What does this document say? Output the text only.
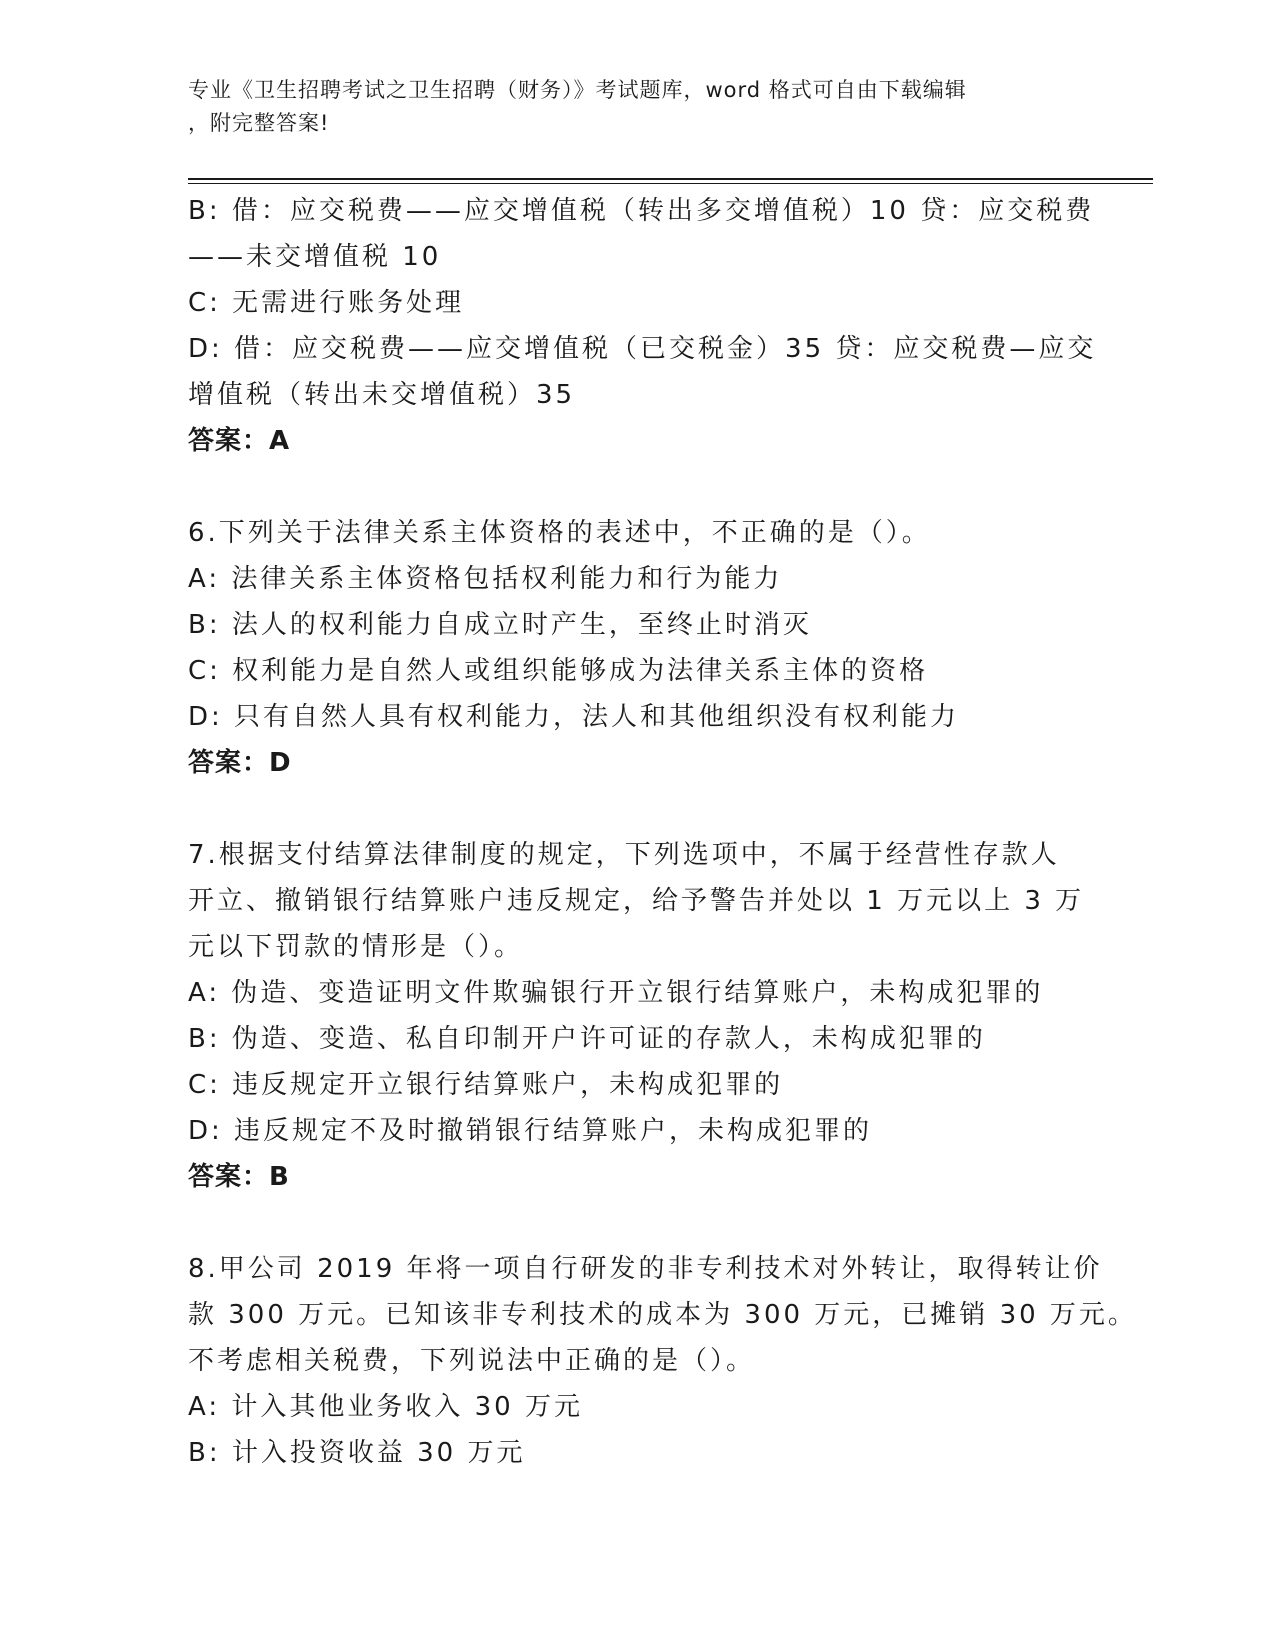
专业《卫生招聘考试之卫生招聘（财务）》考试题库，word 格式可自由下载编辑
，附完整答案!
B: 借：应交税费——应交增值税（转出多交增值税）10 贷：应交税费
——未交增值税 10
C: 无需进行账务处理
D: 借：应交税费——应交增值税（已交税金）35 贷：应交税费—应交
增值税（转出未交增值税）35
答案：A
6.下列关于法律关系主体资格的表述中，不正确的是（）。
A: 法律关系主体资格包括权利能力和行为能力
B: 法人的权利能力自成立时产生，至终止时消灭
C: 权利能力是自然人或组织能够成为法律关系主体的资格
D: 只有自然人具有权利能力，法人和其他组织没有权利能力
答案：D
7.根据支付结算法律制度的规定，下列选项中，不属于经营性存款人
开立、撤销银行结算账户违反规定，给予警告并处以 1 万元以上 3 万
元以下罚款的情形是（）。
A: 伪造、变造证明文件欺骗银行开立银行结算账户，未构成犯罪的
B: 伪造、变造、私自印制开户许可证的存款人，未构成犯罪的
C: 违反规定开立银行结算账户，未构成犯罪的
D: 违反规定不及时撤销银行结算账户，未构成犯罪的
答案：B
8.甲公司 2019 年将一项自行研发的非专利技术对外转让，取得转让价
款 300 万元。已知该非专利技术的成本为 300 万元，已摊销 30 万元。
不考虑相关税费，下列说法中正确的是（）。
A: 计入其他业务收入 30 万元
B: 计入投资收益 30 万元
